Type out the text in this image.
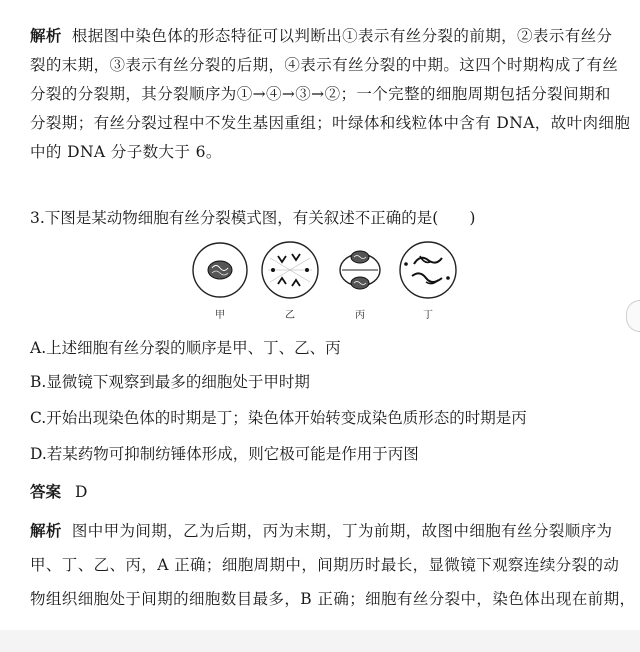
解析 根据图中染色体的形态特征可以判断出①表示有丝分裂的前期，②表示有丝分
裂的末期，③表示有丝分裂的后期，④表示有丝分裂的中期。这四个时期构成了有丝
分裂的分裂期，其分裂顺序为①→④→③→②；一个完整的细胞周期包括分裂间期和
分裂期；有丝分裂过程中不发生基因重组；叶绿体和线粒体中含有 DNA，故叶肉细胞
中的 DNA 分子数大于 6。
3.下图是某动物细胞有丝分裂模式图，有关叙述不正确的是(　　)
甲	乙	丙	丁
A.上述细胞有丝分裂的顺序是甲、丁、乙、丙
B.显微镜下观察到最多的细胞处于甲时期
C.开始出现染色体的时期是丁；染色体开始转变成染色质形态的时期是丙
D.若某药物可抑制纺锤体形成，则它极可能是作用于丙图
答案 D
解析 图中甲为间期，乙为后期，丙为末期，丁为前期，故图中细胞有丝分裂顺序为
甲、丁、乙、丙，A 正确；细胞周期中，间期历时最长，显微镜下观察连续分裂的动
物组织细胞处于间期的细胞数目最多，B 正确；细胞有丝分裂中，染色体出现在前期，
